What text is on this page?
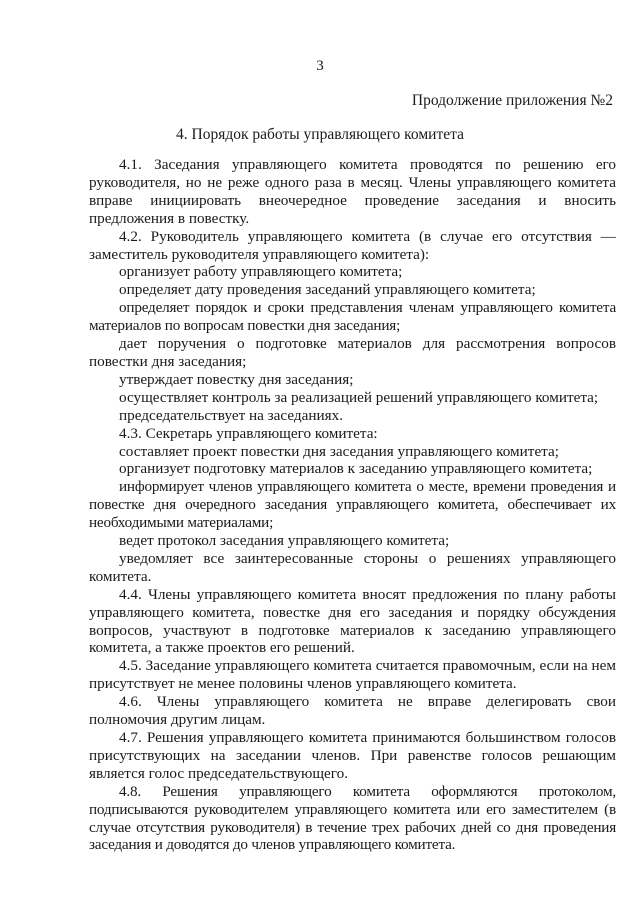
3
Продолжение приложения №2
4. Порядок работы управляющего комитета

4.1. Заседания управляющего комитета проводятся по решению его руководителя, но не реже одного раза в месяц. Члены управляющего комитета вправе инициировать внеочередное проведение заседания и вносить предложения в повестку.

4.2. Руководитель управляющего комитета (в случае его отсутствия — заместитель руководителя управляющего комитета):

организует работу управляющего комитета;

определяет дату проведения заседаний управляющего комитета;

определяет порядок и сроки представления членам управляющего комитета материалов по вопросам повестки дня заседания;

дает поручения о подготовке материалов для рассмотрения вопросов повестки дня заседания;

утверждает повестку дня заседания;

осуществляет контроль за реализацией решений управляющего комитета;

председательствует на заседаниях.

4.3. Секретарь управляющего комитета:

составляет проект повестки дня заседания управляющего комитета;

организует подготовку материалов к заседанию управляющего комитета;

информирует членов управляющего комитета о месте, времени проведения и повестке дня очередного заседания управляющего комитета, обеспечивает их необходимыми материалами;

ведет протокол заседания управляющего комитета;

уведомляет все заинтересованные стороны о решениях управляющего комитета.

4.4. Члены управляющего комитета вносят предложения по плану работы управляющего комитета, повестке дня его заседания и порядку обсуждения вопросов, участвуют в подготовке материалов к заседанию управляющего комитета, а также проектов его решений.

4.5. Заседание управляющего комитета считается правомочным, если на нем присутствует не менее половины членов управляющего комитета.

4.6. Члены управляющего комитета не вправе делегировать свои полномочия другим лицам.

4.7. Решения управляющего комитета принимаются большинством голосов присутствующих на заседании членов. При равенстве голосов решающим является голос председательствующего.

4.8. Решения управляющего комитета оформляются протоколом, подписываются руководителем управляющего комитета или его заместителем (в случае отсутствия руководителя) в течение трех рабочих дней со дня проведения заседания и доводятся до членов управляющего комитета.
